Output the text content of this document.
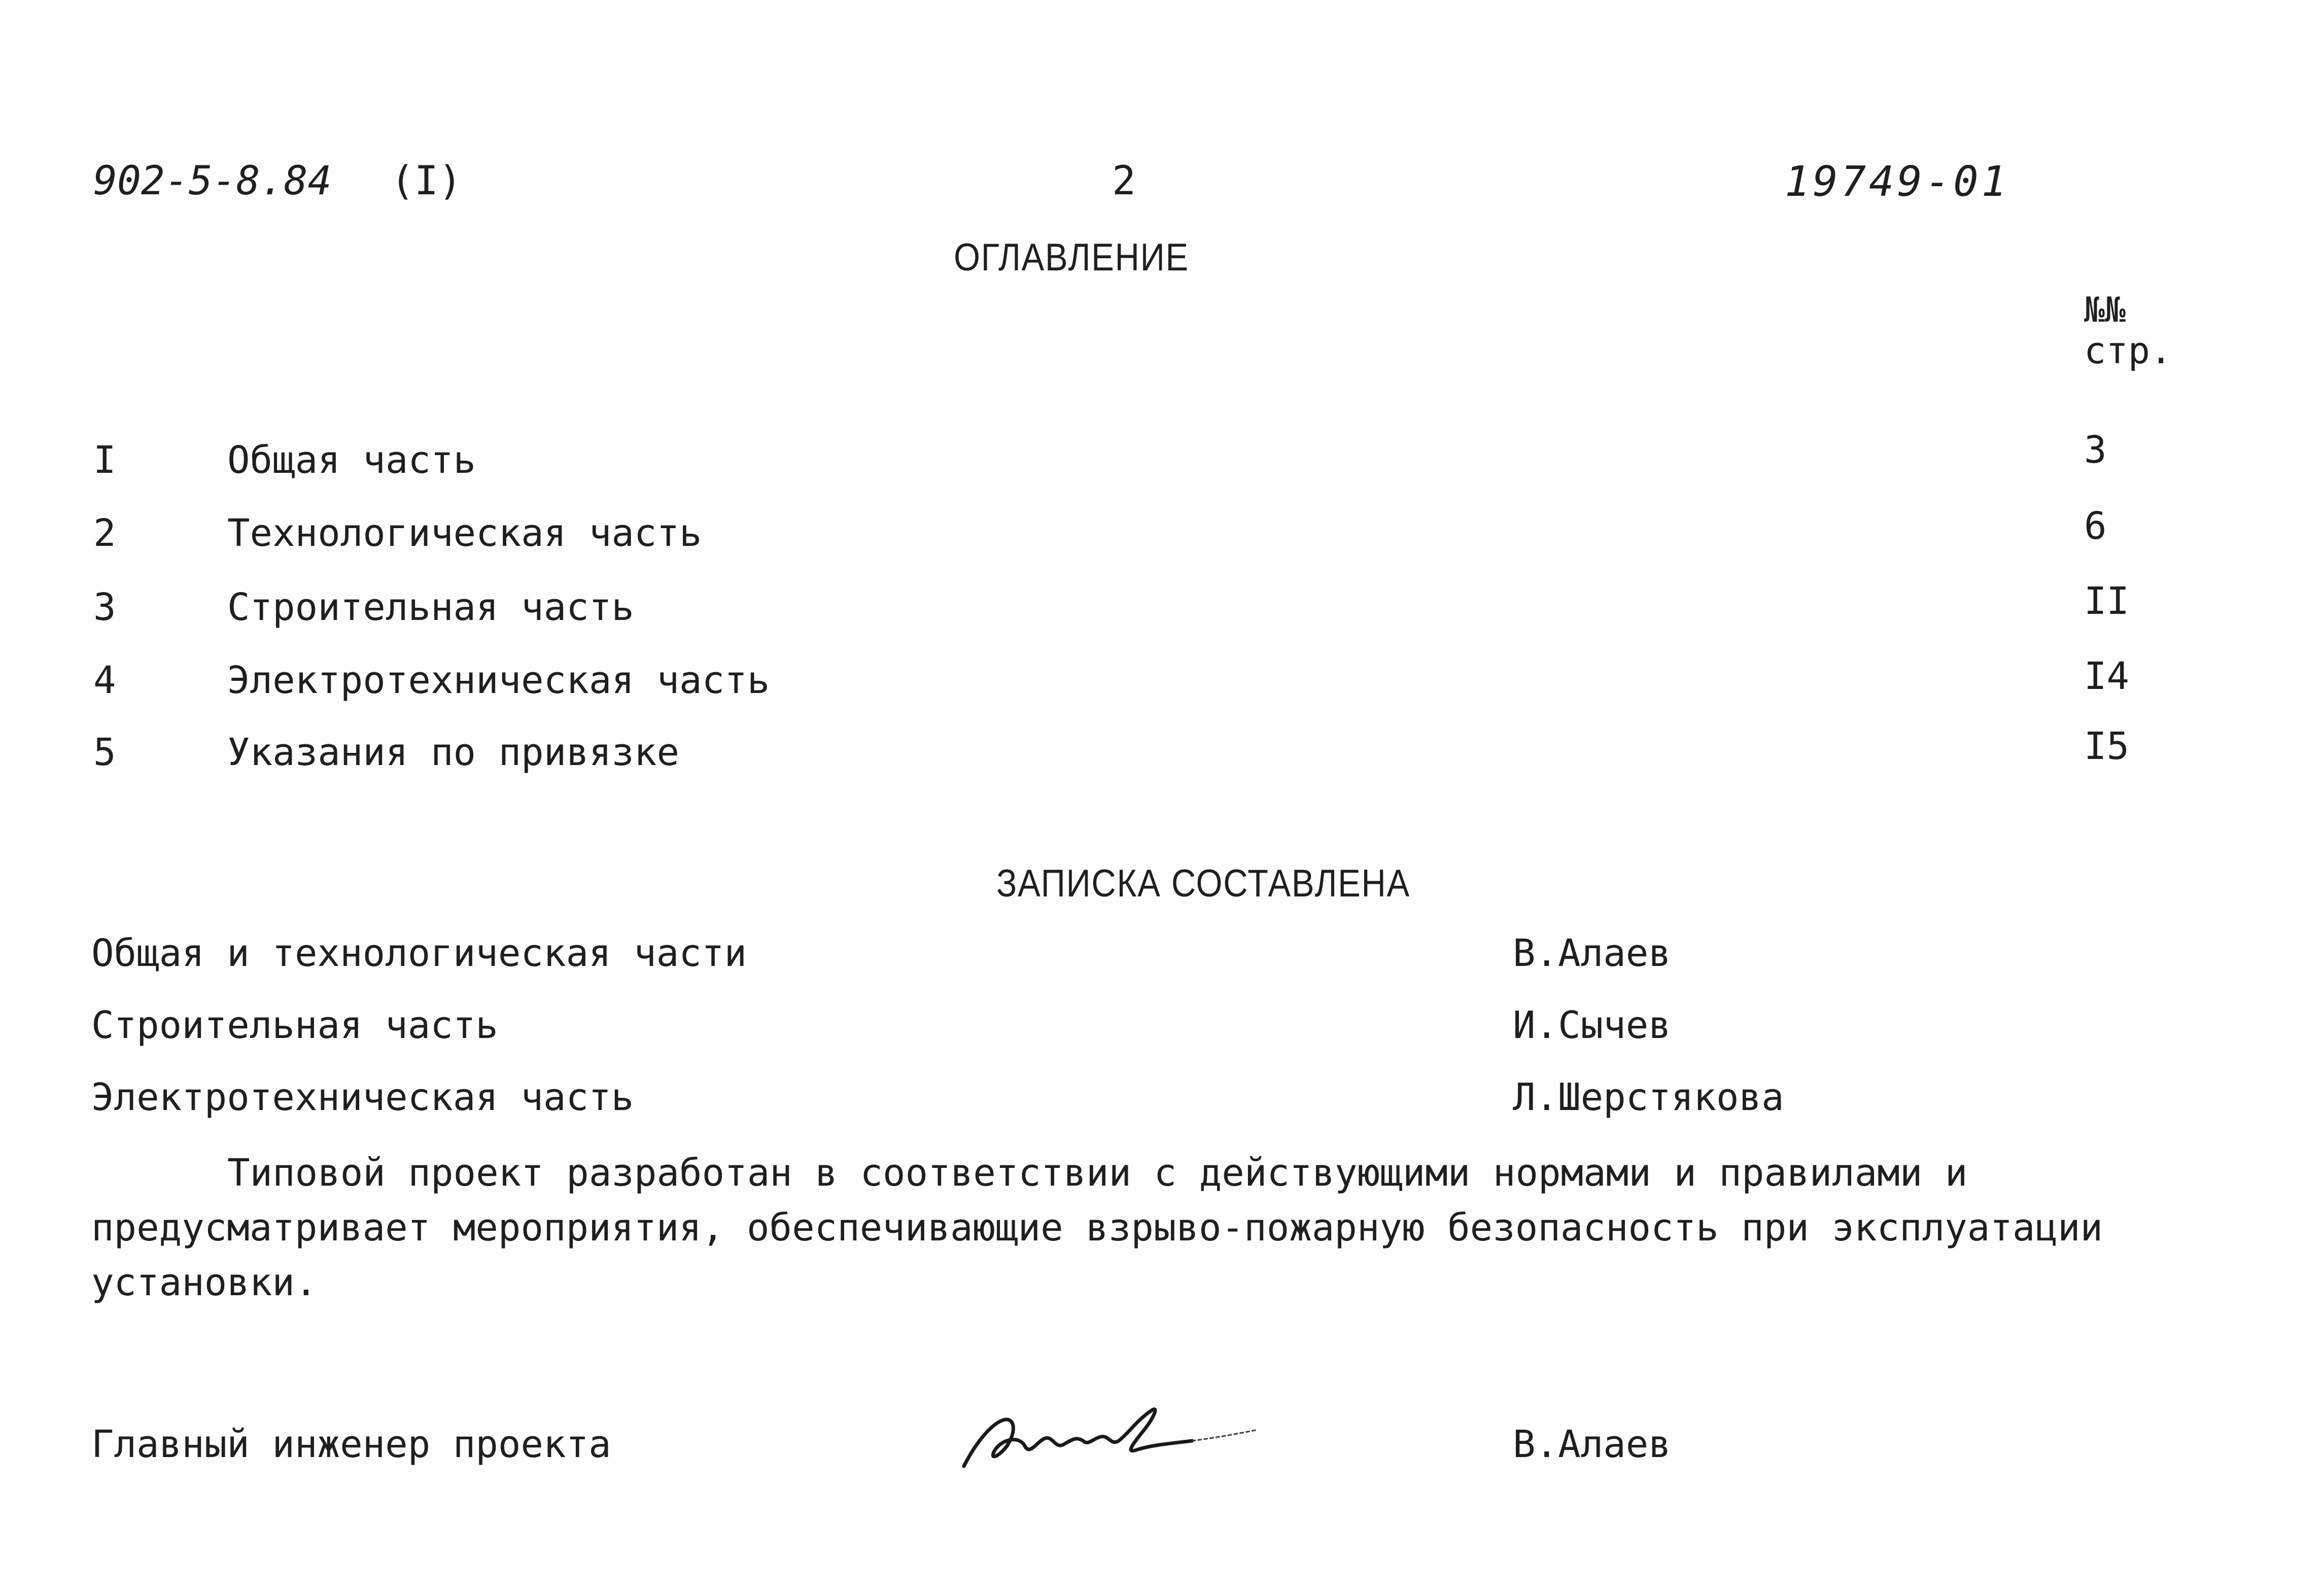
902-5-8.84 (I)	2	19749-01
ОГЛАВЛЕНИЕ
№№
стр.
I	Общая часть	3
2	Технологическая часть	6
3	Строительная часть	II
4	Электротехническая часть	I4
5	Указания по привязке	I5
ЗАПИСКА СОСТАВЛЕНА
Общая и технологическая части	В.Алаев
Строительная часть	И.Сычев
Электротехническая часть	Л.Шерстякова
Типовой проект разработан в соответствии с действующими нормами и правилами и
предусматривает мероприятия, обеспечивающие взрыво-пожарную безопасность при эксплуатации
установки.
Главный инженер проекта	В.Алаев
